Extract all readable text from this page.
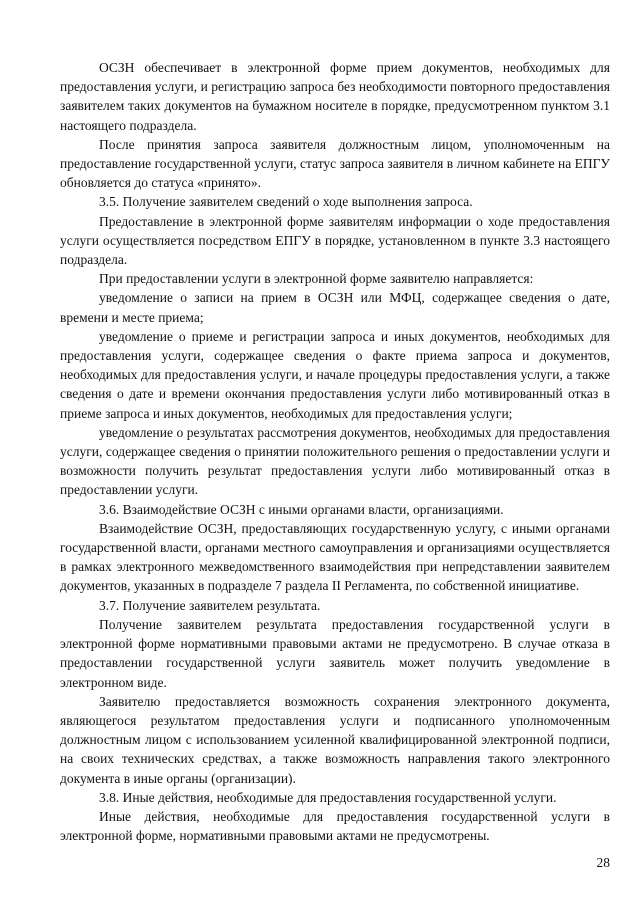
ОСЗН обеспечивает в электронной форме прием документов, необходимых для предоставления услуги, и регистрацию запроса без необходимости повторного предоставления заявителем таких документов на бумажном носителе в порядке, предусмотренном пунктом 3.1 настоящего подраздела.

После принятия запроса заявителя должностным лицом, уполномоченным на предоставление государственной услуги, статус запроса заявителя в личном кабинете на ЕПГУ обновляется до статуса «принято».

3.5. Получение заявителем сведений о ходе выполнения запроса.

Предоставление в электронной форме заявителям информации о ходе предоставления услуги осуществляется посредством ЕПГУ в порядке, установленном в пункте 3.3 настоящего подраздела.

При предоставлении услуги в электронной форме заявителю направляется:

уведомление о записи на прием в ОСЗН или МФЦ, содержащее сведения о дате, времени и месте приема;

уведомление о приеме и регистрации запроса и иных документов, необходимых для предоставления услуги, содержащее сведения о факте приема запроса и документов, необходимых для предоставления услуги, и начале процедуры предоставления услуги, а также сведения о дате и времени окончания предоставления услуги либо мотивированный отказ в приеме запроса и иных документов, необходимых для предоставления услуги;

уведомление о результатах рассмотрения документов, необходимых для предоставления услуги, содержащее сведения о принятии положительного решения о предоставлении услуги и возможности получить результат предоставления услуги либо мотивированный отказ в предоставлении услуги.

3.6. Взаимодействие ОСЗН с иными органами власти, организациями.

Взаимодействие ОСЗН, предоставляющих государственную услугу, с иными органами государственной власти, органами местного самоуправления и организациями осуществляется в рамках электронного межведомственного взаимодействия при непредставлении заявителем документов, указанных в подразделе 7 раздела II Регламента, по собственной инициативе.

3.7. Получение заявителем результата.

Получение заявителем результата предоставления государственной услуги в электронной форме нормативными правовыми актами не предусмотрено. В случае отказа в предоставлении государственной услуги заявитель может получить уведомление в электронном виде.

Заявителю предоставляется возможность сохранения электронного документа, являющегося результатом предоставления услуги и подписанного уполномоченным должностным лицом с использованием усиленной квалифицированной электронной подписи, на своих технических средствах, а также возможность направления такого электронного документа в иные органы (организации).

3.8. Иные действия, необходимые для предоставления государственной услуги.

Иные действия, необходимые для предоставления государственной услуги в электронной форме, нормативными правовыми актами не предусмотрены.

28
